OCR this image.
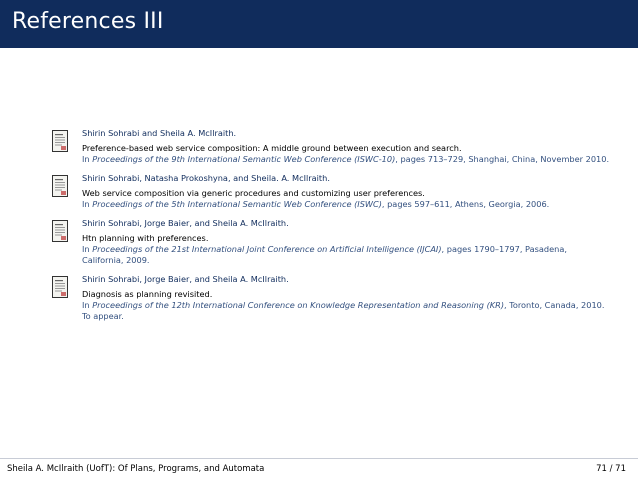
References III
Shirin Sohrabi and Sheila A. McIlraith.
Preference-based web service composition: A middle ground between execution and search.
In Proceedings of the 9th International Semantic Web Conference (ISWC-10), pages 713–729, Shanghai, China, November 2010.
Shirin Sohrabi, Natasha Prokoshyna, and Sheila. A. McIlraith.
Web service composition via generic procedures and customizing user preferences.
In Proceedings of the 5th International Semantic Web Conference (ISWC), pages 597–611, Athens, Georgia, 2006.
Shirin Sohrabi, Jorge Baier, and Sheila A. McIlraith.
Htn planning with preferences.
In Proceedings of the 21st International Joint Conference on Artificial Intelligence (IJCAI), pages 1790–1797, Pasadena,
California, 2009.
Shirin Sohrabi, Jorge Baier, and Sheila A. McIlraith.
Diagnosis as planning revisited.
In Proceedings of the 12th International Conference on Knowledge Representation and Reasoning (KR), Toronto, Canada, 2010.
To appear.
Sheila A. McIlraith (UofT): Of Plans, Programs, and Automata	71 / 71
